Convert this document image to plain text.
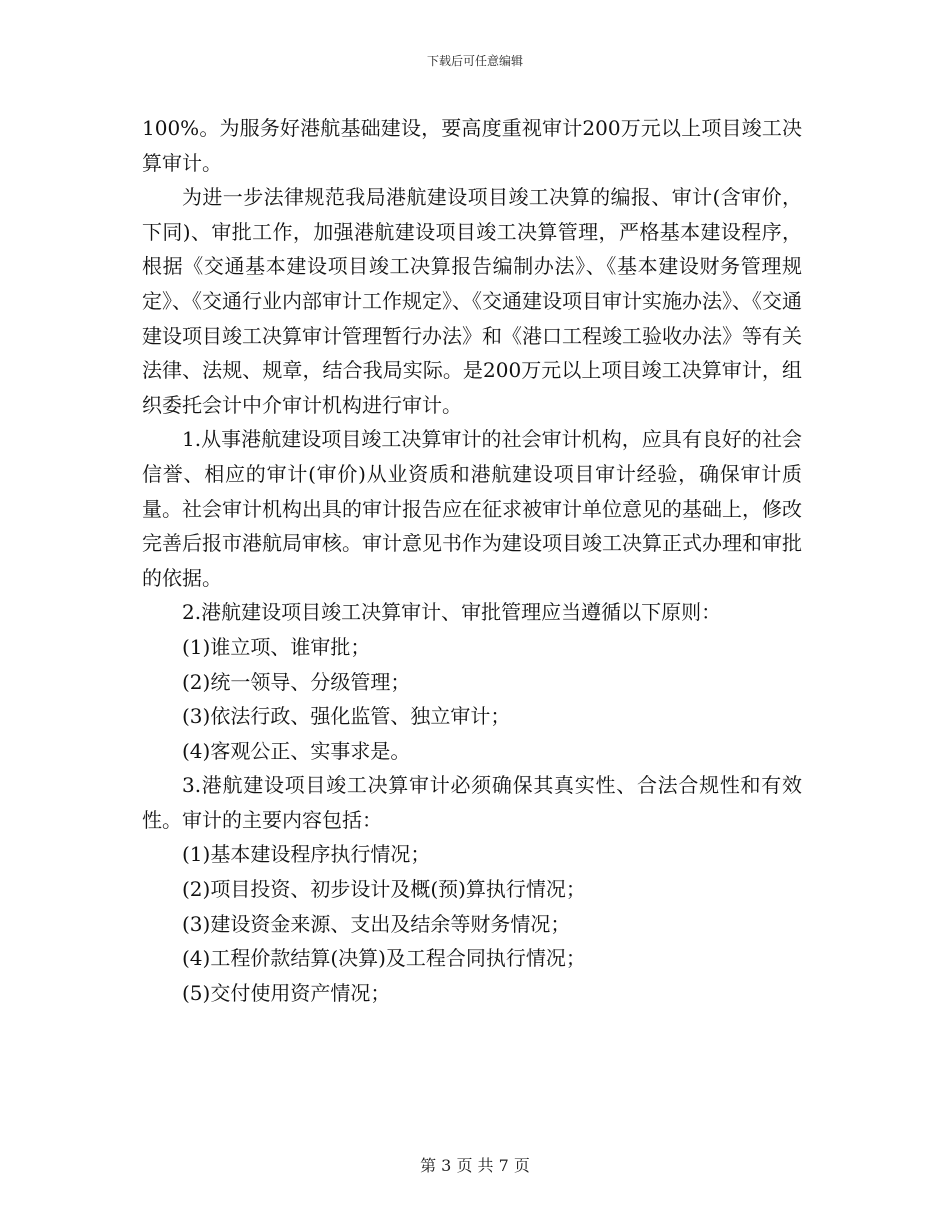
下载后可任意编辑

100%。为服务好港航基础建设，要高度重视审计200万元以上项目竣工决算审计。

为进一步法律规范我局港航建设项目竣工决算的编报、审计(含审价，下同)、审批工作，加强港航建设项目竣工决算管理，严格基本建设程序，根据《交通基本建设项目竣工决算报告编制办法》、《基本建设财务管理规定》、《交通行业内部审计工作规定》、《交通建设项目审计实施办法》、《交通建设项目竣工决算审计管理暂行办法》和《港口工程竣工验收办法》等有关法律、法规、规章，结合我局实际。是200万元以上项目竣工决算审计，组织委托会计中介审计机构进行审计。

1.从事港航建设项目竣工决算审计的社会审计机构，应具有良好的社会信誉、相应的审计(审价)从业资质和港航建设项目审计经验，确保审计质量。社会审计机构出具的审计报告应在征求被审计单位意见的基础上，修改完善后报市港航局审核。审计意见书作为建设项目竣工决算正式办理和审批的依据。

2.港航建设项目竣工决算审计、审批管理应当遵循以下原则：

(1)谁立项、谁审批；

(2)统一领导、分级管理；

(3)依法行政、强化监管、独立审计；

(4)客观公正、实事求是。

3.港航建设项目竣工决算审计必须确保其真实性、合法合规性和有效性。审计的主要内容包括：

(1)基本建设程序执行情况；

(2)项目投资、初步设计及概(预)算执行情况；

(3)建设资金来源、支出及结余等财务情况；

(4)工程价款结算(决算)及工程合同执行情况；

(5)交付使用资产情况；

第 3 页 共 7 页
